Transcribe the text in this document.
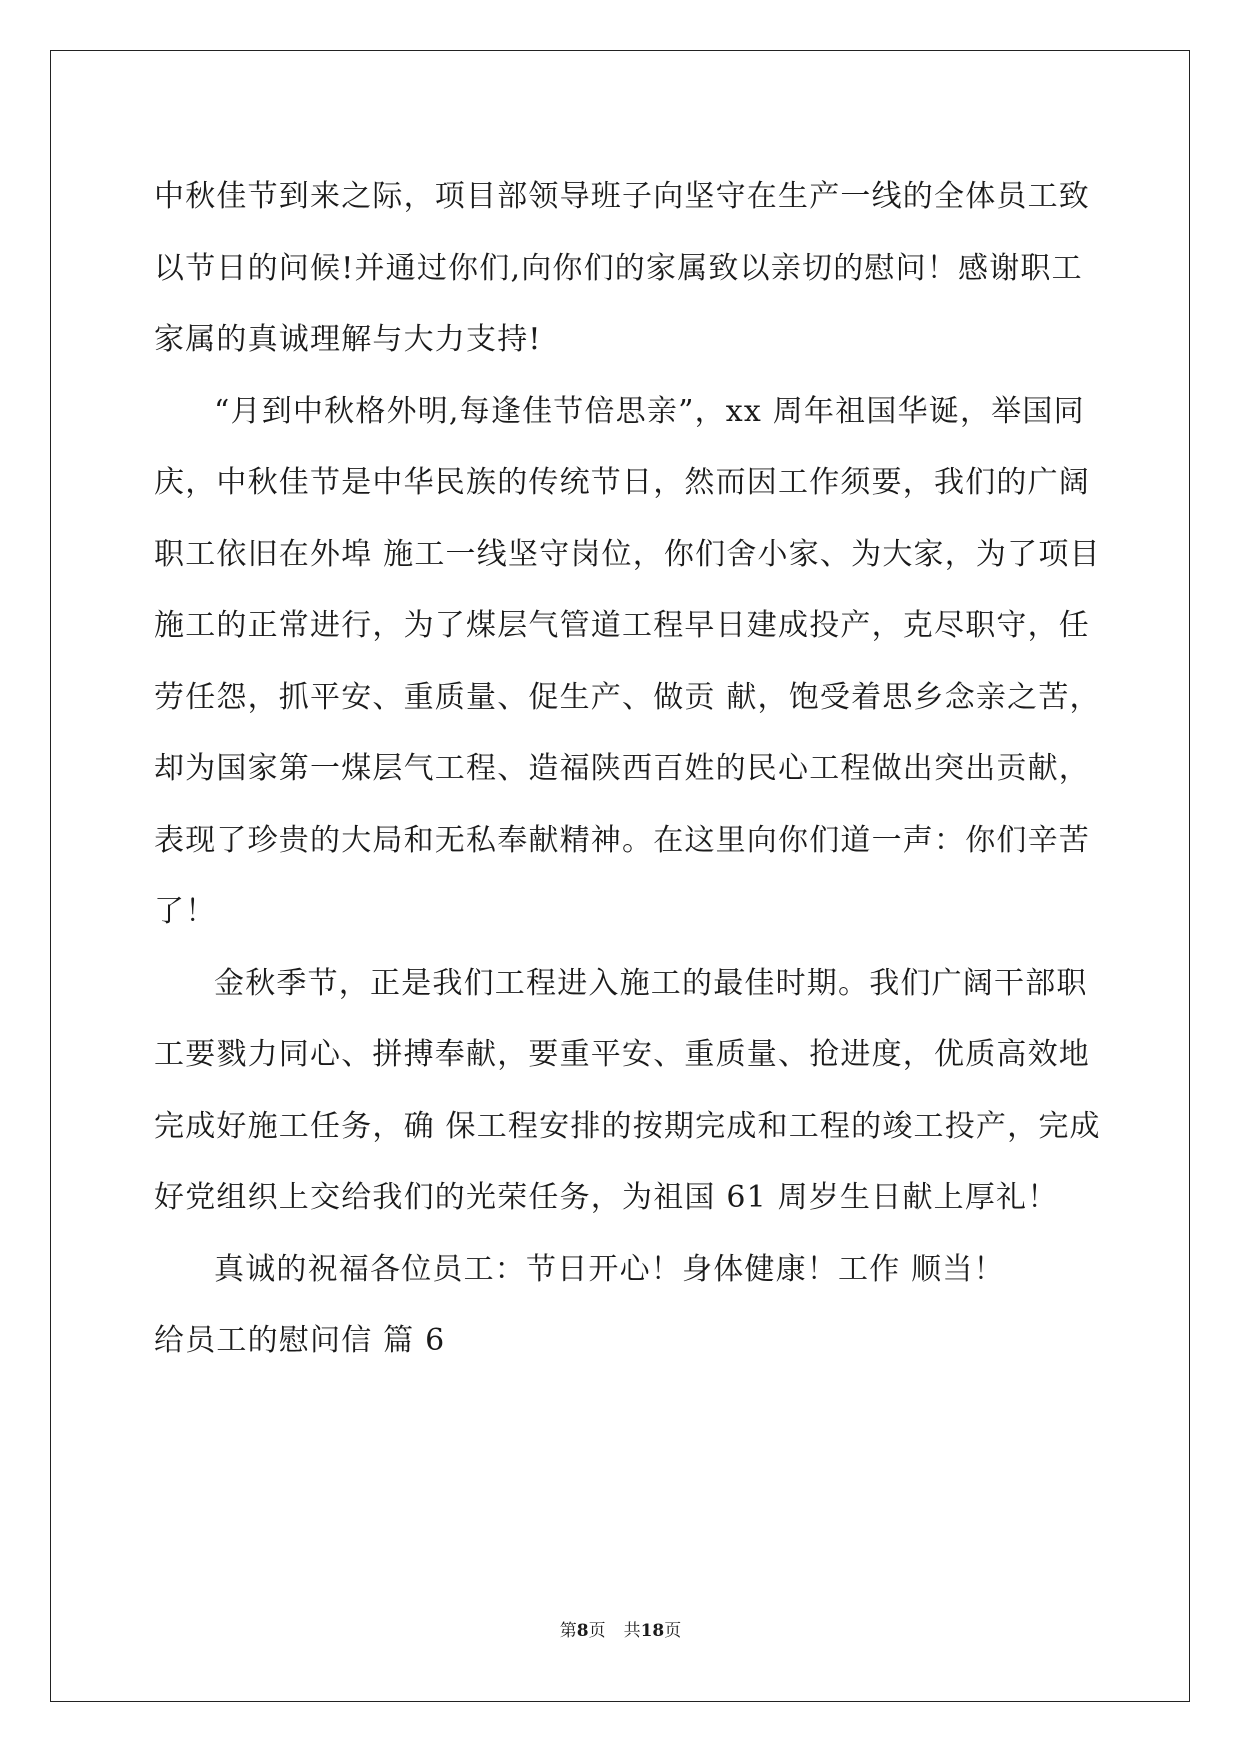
中秋佳节到来之际，项目部领导班子向坚守在生产一线的全体员工致
以节日的问候!并通过你们,向你们的家属致以亲切的慰问！感谢职工
家属的真诚理解与大力支持!
“月到中秋格外明,每逢佳节倍思亲”，xx 周年祖国华诞，举国同
庆，中秋佳节是中华民族的传统节日，然而因工作须要，我们的广阔
职工依旧在外埠 施工一线坚守岗位，你们舍小家、为大家，为了项目
施工的正常进行，为了煤层气管道工程早日建成投产，克尽职守，任
劳任怨，抓平安、重质量、促生产、做贡 献，饱受着思乡念亲之苦，
却为国家第一煤层气工程、造福陕西百姓的民心工程做出突出贡献，
表现了珍贵的大局和无私奉献精神。在这里向你们道一声：你们辛苦
了！
金秋季节，正是我们工程进入施工的最佳时期。我们广阔干部职
工要戮力同心、拼搏奉献，要重平安、重质量、抢进度，优质高效地
完成好施工任务，确 保工程安排的按期完成和工程的竣工投产，完成
好党组织上交给我们的光荣任务，为祖国 61 周岁生日献上厚礼！
真诚的祝福各位员工：节日开心！身体健康！工作 顺当！
给员工的慰问信 篇 6
第8页 共18页
